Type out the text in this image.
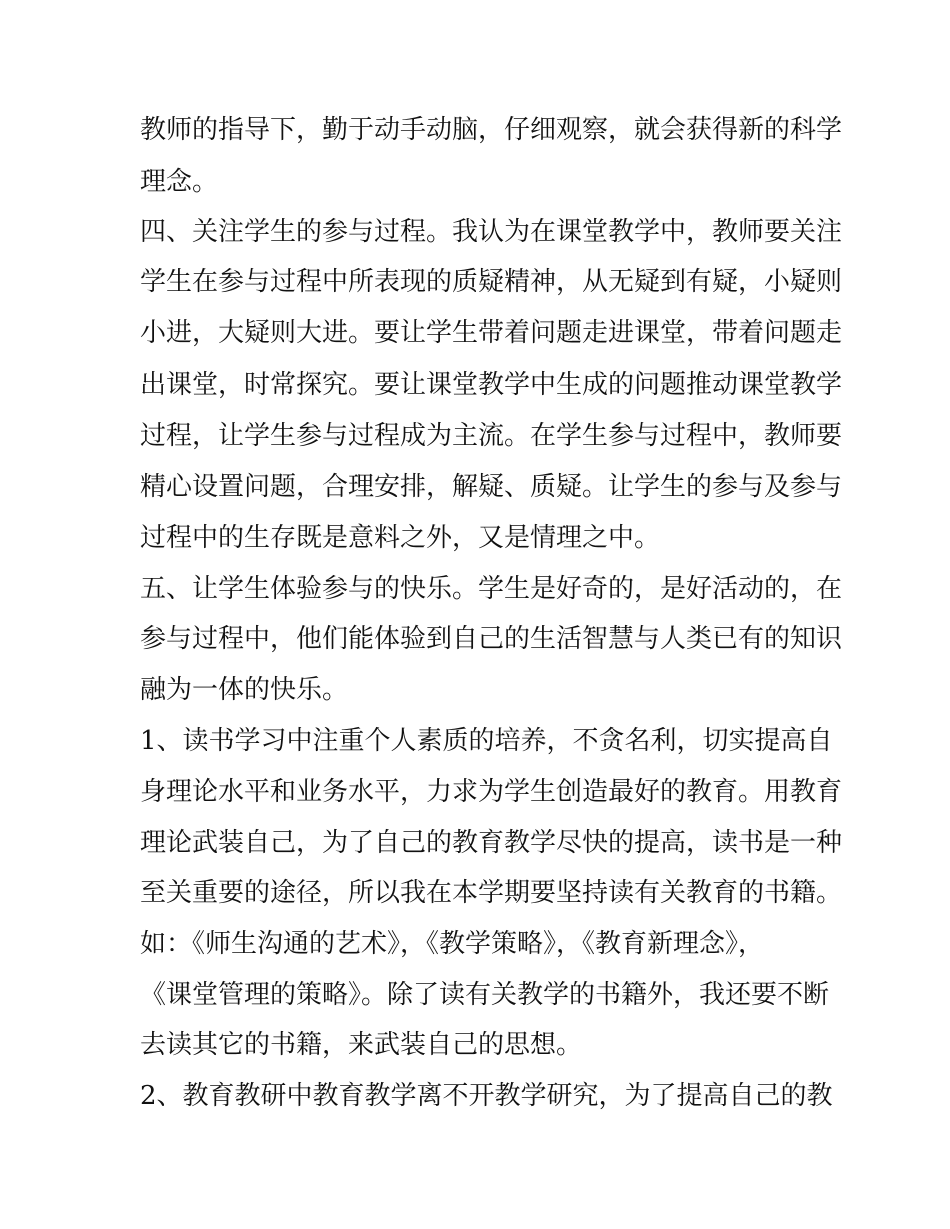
教师的指导下，勤于动手动脑，仔细观察，就会获得新的科学
理念。
四、关注学生的参与过程。我认为在课堂教学中，教师要关注
学生在参与过程中所表现的质疑精神，从无疑到有疑，小疑则
小进，大疑则大进。要让学生带着问题走进课堂，带着问题走
出课堂，时常探究。要让课堂教学中生成的问题推动课堂教学
过程，让学生参与过程成为主流。在学生参与过程中，教师要
精心设置问题，合理安排，解疑、质疑。让学生的参与及参与
过程中的生存既是意料之外，又是情理之中。
五、让学生体验参与的快乐。学生是好奇的，是好活动的，在
参与过程中，他们能体验到自己的生活智慧与人类已有的知识
融为一体的快乐。
1、读书学习中注重个人素质的培养，不贪名利，切实提高自
身理论水平和业务水平，力求为学生创造最好的教育。用教育
理论武装自己，为了自己的教育教学尽快的提高，读书是一种
至关重要的途径，所以我在本学期要坚持读有关教育的书籍。
如：《师生沟通的艺术》，《教学策略》，《教育新理念》，
《课堂管理的策略》。除了读有关教学的书籍外，我还要不断
去读其它的书籍，来武装自己的思想。
2、教育教研中教育教学离不开教学研究，为了提高自己的教
